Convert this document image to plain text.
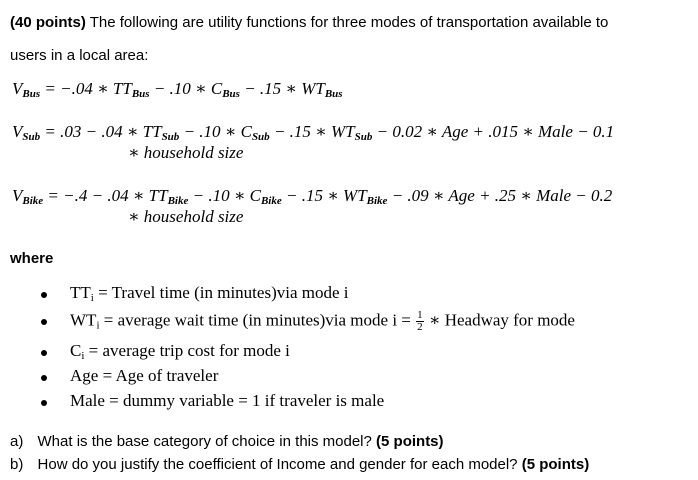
(40 points) The following are utility functions for three modes of transportation available to
users in a local area:
$V_{Bus} = -.04$ ∗ $TT_{Bus} - .10$ ∗ $C_{Bus} - .15$ ∗ $WT_{Bus}$
$V_{Sub} = .03 - .04$ ∗ $TT_{Sub} - .10$ ∗ $C_{Sub} - .15$ ∗ $WT_{Sub} - 0.02$ ∗ Age + .015 ∗ Male − 0.1
∗ household size
$V_{Bike} = -.4 - .04$ ∗ $TT_{Bike} - .10$ ∗ $C_{Bike} - .15$ ∗ $WT_{Bike} - .09$ ∗ Age + .25 ∗ Male − 0.2
∗ household size
where
$TT_i$ = Travel time (in minutes)via mode i
$WT_i$ = average wait time (in minutes)via mode $i = \frac{1}{2}$ ∗ Headway for mode
$C_i$ = average trip cost for mode i
Age = Age of traveler
Male = dummy variable = 1 if traveler is male
a) What is the base category of choice in this model? (5 points)
b) How do you justify the coefficient of Income and gender for each model? (5 points)
